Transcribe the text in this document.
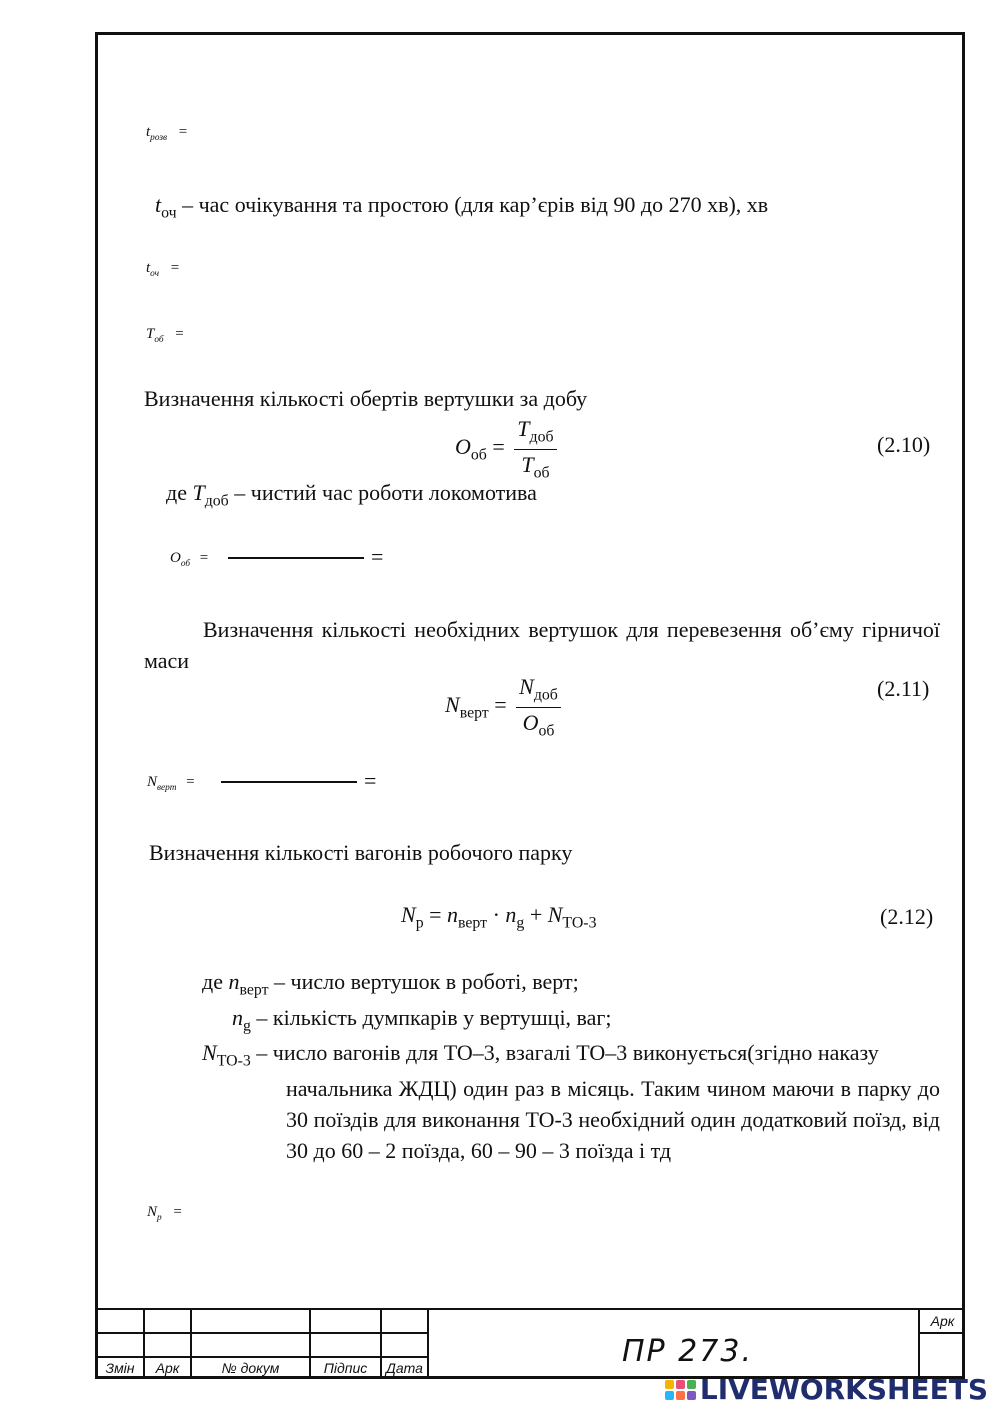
$t_{розв}$ =
$t_{оч}$ – час очікування та простою (для кар’єрів від 90 до 270 хв), хв
$t_{оч}$ =
$T_{об}$ =
Визначення кількості обертів вертушки за добу
$O_{об} = \frac{T_{доб}}{T_{об}}$	(2.10)
де $T_{доб}$ – чистий час роботи локомотива
$O_{об}$ =	=
Визначення кількості необхідних вертушок для перевезення об’єму гірничої маси
$N_{верт} = \frac{N_{доб}}{O_{об}}$	(2.11)
$N_{верт}$ =	=
Визначення кількості вагонів робочого парку
$N_р = n_{верт} \cdot n_g + N_{ТО-3}$	(2.12)
де $n_{верт}$ – число вертушок в роботі, верт;
$n_g$ – кількість думпкарів у вертушці, ваг;
$N_{ТО-3}$ – число вагонів для ТО–3, взагалі ТО–3 виконується(згідно наказу
начальника ЖДЦ) один раз в місяць. Таким чином маючи в парку до 30 поїздів для виконання ТО-3 необхідний один додатковий поїзд, від 30 до 60 – 2 поїзда, 60 – 90 – 3 поїзда і тд
$N_р$ =
Змін	Арк	№ докум	Підпис	Дата
Арк
ПР 273.
LIVEWORKSHEETS
